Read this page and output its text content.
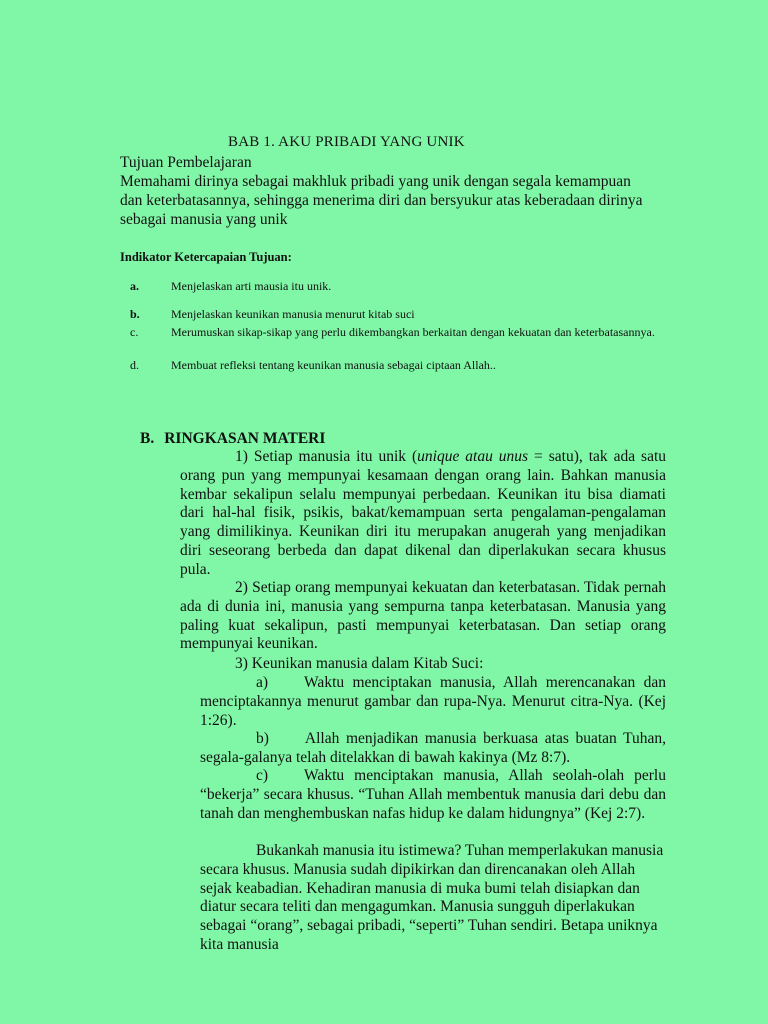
BAB 1. AKU PRIBADI YANG UNIK
Tujuan Pembelajaran
Memahami dirinya sebagai makhluk pribadi yang unik dengan segala kemampuan dan keterbatasannya, sehingga menerima diri dan bersyukur atas keberadaan dirinya sebagai manusia yang unik
Indikator Ketercapaian Tujuan:
a.	Menjelaskan arti mausia itu unik.
b.	Menjelaskan keunikan manusia menurut kitab suci
c.	Merumuskan sikap-sikap yang perlu dikembangkan berkaitan dengan kekuatan dan keterbatasannya.
d.	Membuat refleksi tentang keunikan manusia sebagai ciptaan Allah..
B. RINGKASAN MATERI
1) Setiap manusia itu unik (unique atau unus = satu), tak ada satu orang pun yang mempunyai kesamaan dengan orang lain. Bahkan manusia kembar sekalipun selalu mempunyai perbedaan. Keunikan itu bisa diamati dari hal-hal fisik, psikis, bakat/kemampuan serta pengalaman-pengalaman yang dimilikinya. Keunikan diri itu merupakan anugerah yang menjadikan diri seseorang berbeda dan dapat dikenal dan diperlakukan secara khusus pula.
2) Setiap orang mempunyai kekuatan dan keterbatasan. Tidak pernah ada di dunia ini, manusia yang sempurna tanpa keterbatasan. Manusia yang paling kuat sekalipun, pasti mempunyai keterbatasan. Dan setiap orang mempunyai keunikan.
3) Keunikan manusia dalam Kitab Suci:
a) Waktu menciptakan manusia, Allah merencanakan dan menciptakannya menurut gambar dan rupa-Nya. Menurut citra-Nya. (Kej 1:26).
b) Allah menjadikan manusia berkuasa atas buatan Tuhan, segala-galanya telah ditelakkan di bawah kakinya (Mz 8:7).
c) Waktu menciptakan manusia, Allah seolah-olah perlu “bekerja” secara khusus. “Tuhan Allah membentuk manusia dari debu dan tanah dan menghembuskan nafas hidup ke dalam hidungnya” (Kej 2:7).
Bukankah manusia itu istimewa? Tuhan memperlakukan manusia secara khusus. Manusia sudah dipikirkan dan direncanakan oleh Allah sejak keabadian. Kehadiran manusia di muka bumi telah disiapkan dan diatur secara teliti dan mengagumkan. Manusia sungguh diperlakukan sebagai “orang”, sebagai pribadi, “seperti” Tuhan sendiri. Betapa uniknya kita manusia
